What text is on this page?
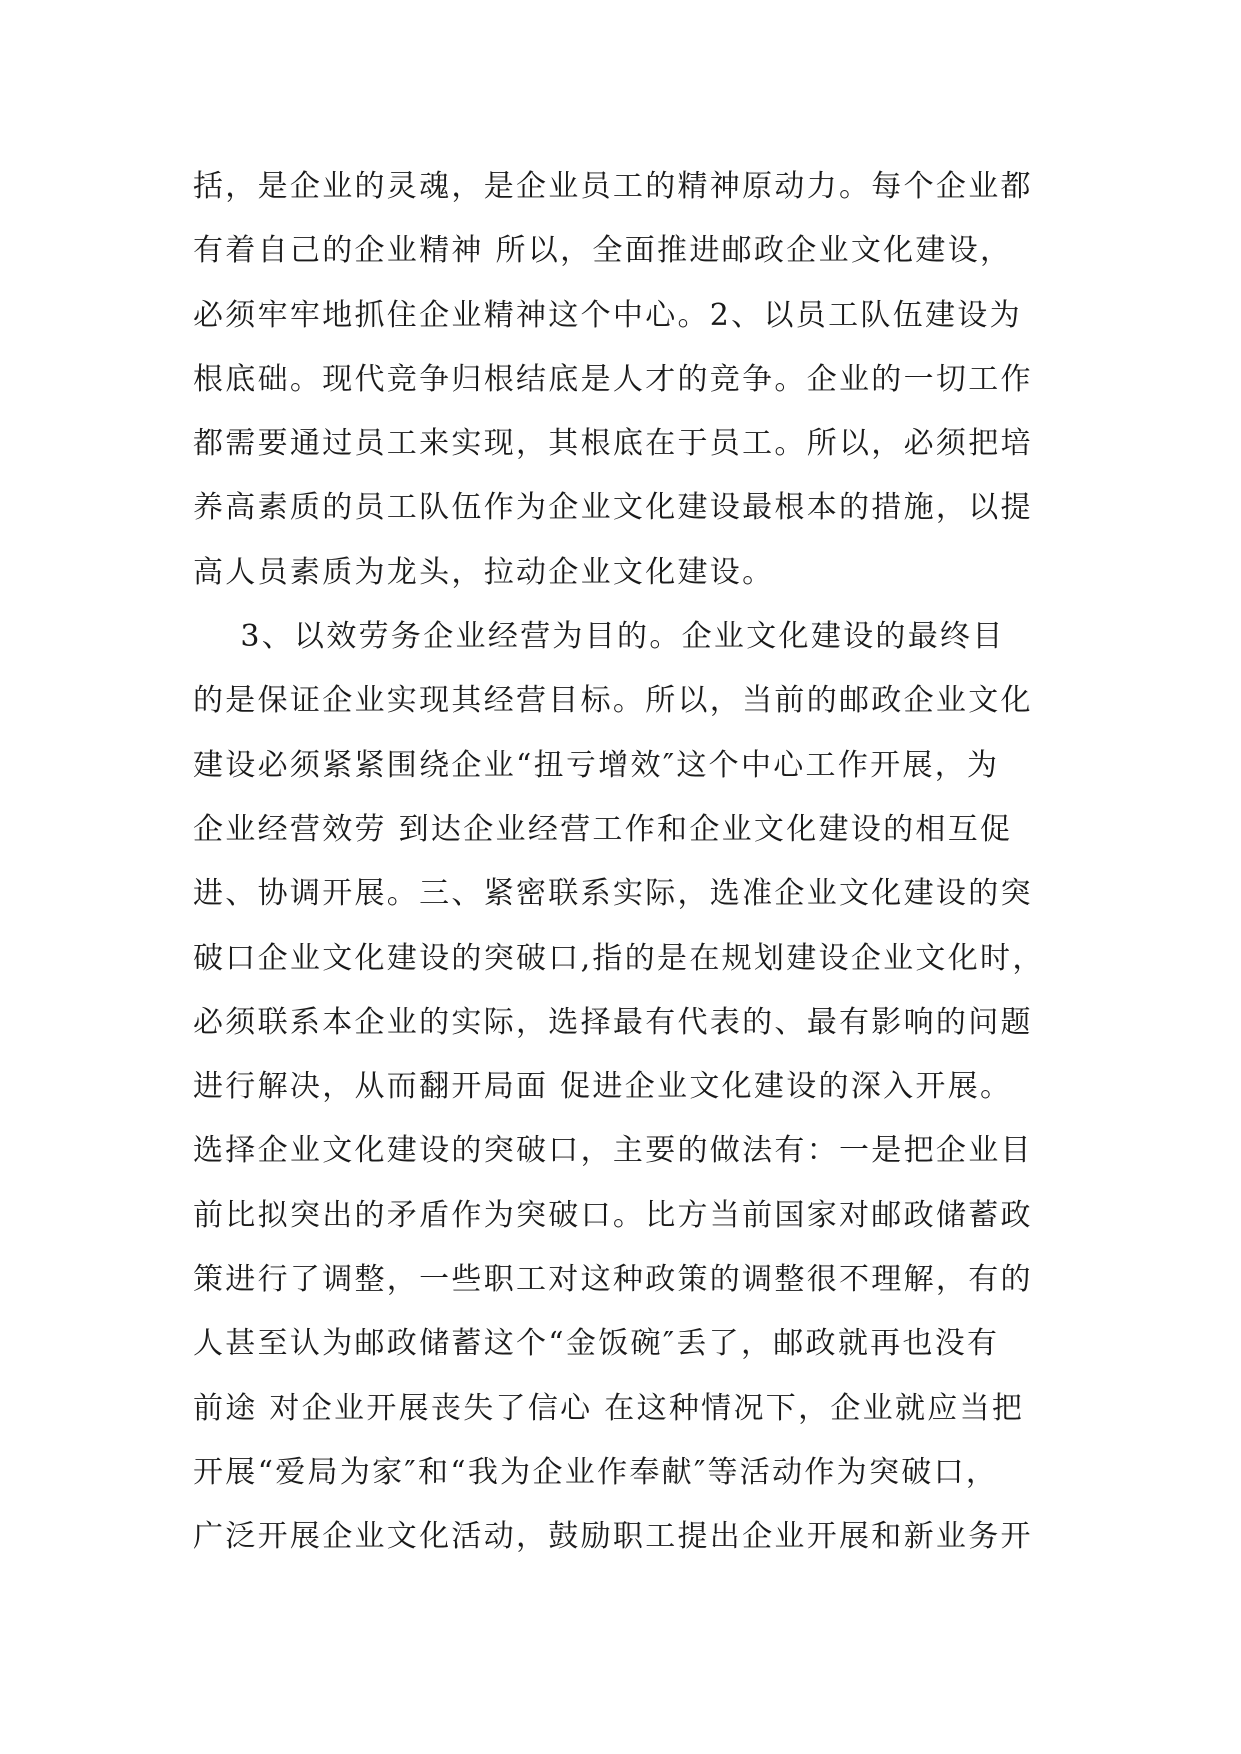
括，是企业的灵魂，是企业员工的精神原动力。每个企业都
有着自己的企业精神 所以，全面推进邮政企业文化建设，
必须牢牢地抓住企业精神这个中心。2、以员工队伍建设为
根底础。现代竞争归根结底是人才的竞争。企业的一切工作
都需要通过员工来实现，其根底在于员工。所以，必须把培
养高素质的员工队伍作为企业文化建设最根本的措施，以提
高人员素质为龙头，拉动企业文化建设。
3、以效劳务企业经营为目的。企业文化建设的最终目
的是保证企业实现其经营目标。所以，当前的邮政企业文化
建设必须紧紧围绕企业“扭亏增效″这个中心工作开展，为
企业经营效劳 到达企业经营工作和企业文化建设的相互促
进、协调开展。三、紧密联系实际，选准企业文化建设的突
破口企业文化建设的突破口,指的是在规划建设企业文化时，
必须联系本企业的实际，选择最有代表的、最有影响的问题
进行解决，从而翻开局面 促进企业文化建设的深入开展。
选择企业文化建设的突破口，主要的做法有：一是把企业目
前比拟突出的矛盾作为突破口。比方当前国家对邮政储蓄政
策进行了调整，一些职工对这种政策的调整很不理解，有的
人甚至认为邮政储蓄这个“金饭碗″丢了，邮政就再也没有
前途 对企业开展丧失了信心 在这种情况下，企业就应当把
开展“爱局为家″和“我为企业作奉献″等活动作为突破口，
广泛开展企业文化活动，鼓励职工提出企业开展和新业务开
